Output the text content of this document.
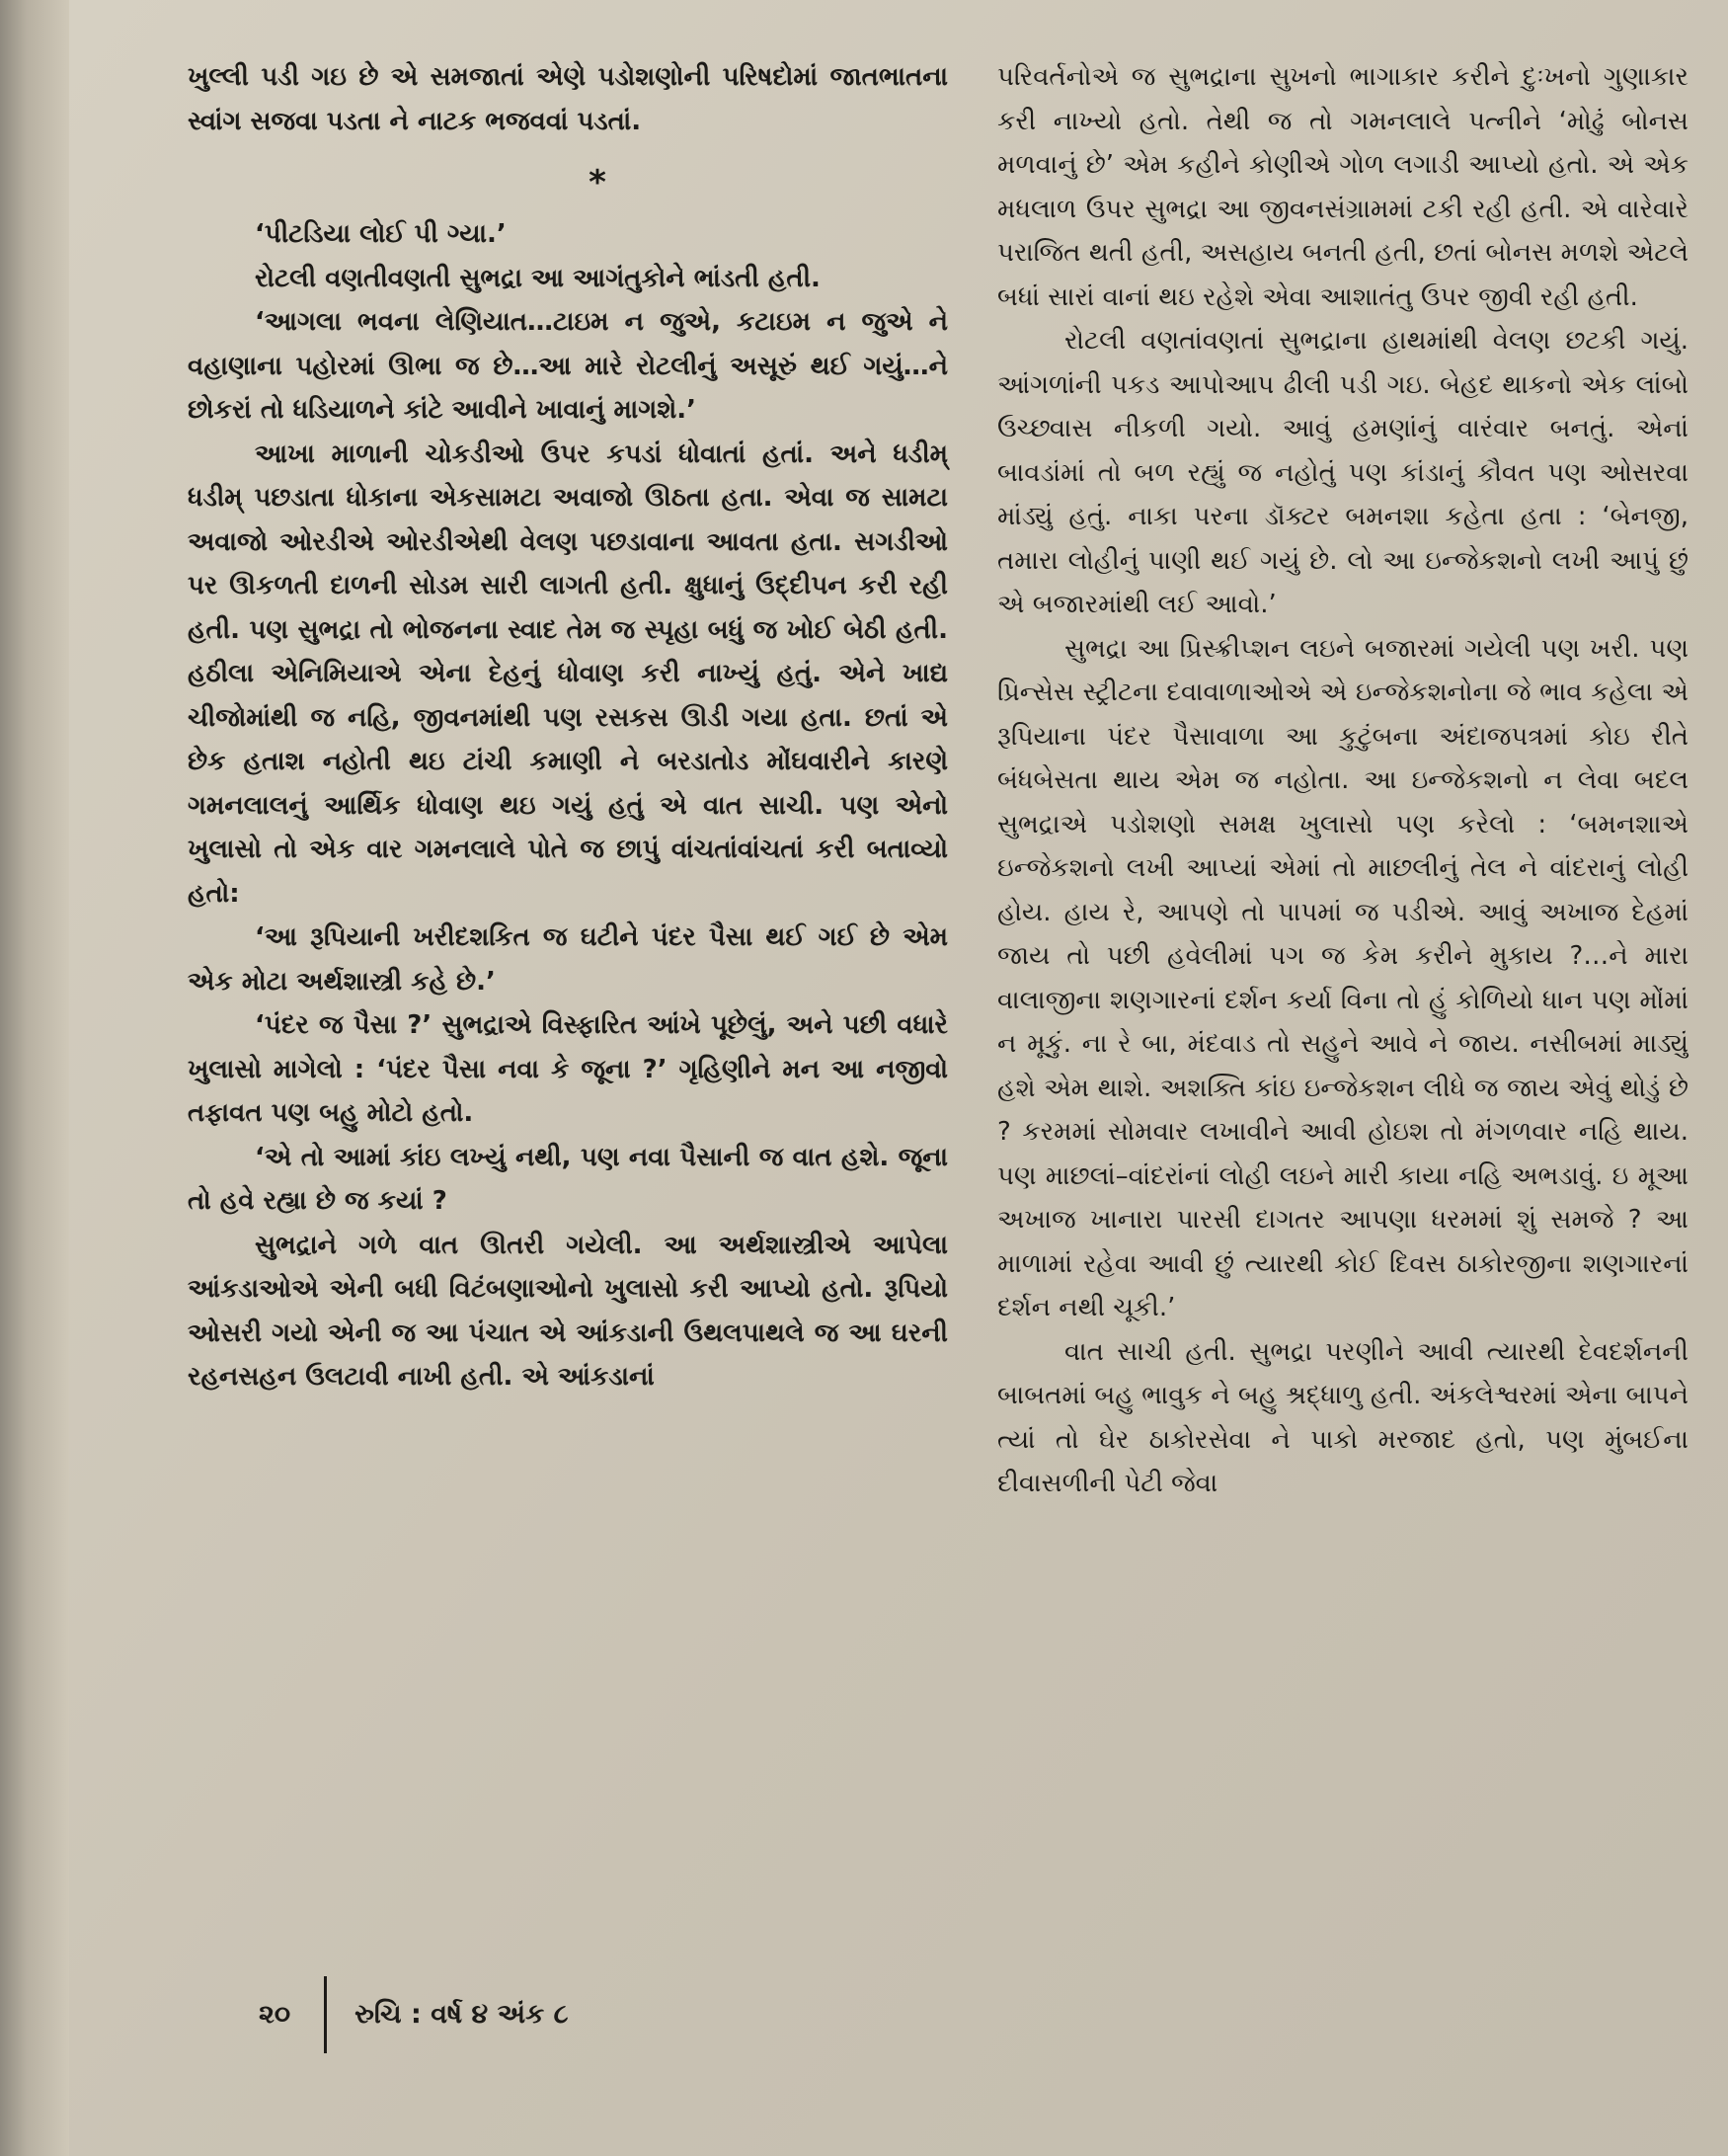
ખુલ્લી પડી ગઇ છે એ સમજાતાં એણે પડોશણોની પરિષદોમાં જાતભાતના સ્વાંગ સજવા પડતા ને નાટક ભજવવાં પડતાં.

*

‘પીટડિયા લોઈ પી ગ્યા.’

રોટલી વણતીવણતી સુભદ્રા આ આગંતુકોને ભાંડતી હતી.

‘આગલા ભવના લેણિયાત…ટાઇમ ન જુએ, કટાઇમ ન જુએ ને વહાણાના પહોરમાં ઊભા જ છે…આ મારે રોટલીનું અસૂરું થઈ ગયું…ને છોકરાં તો ધડિયાળને કાંટે આવીને ખાવાનું માગશે.’

આખા માળાની ચોકડીઓ ઉપર કપડાં ધોવાતાં હતાં. અને ધડીમ્ ધડીમ્ પછડાતા ધોકાના એકસામટા અવાજો ઊઠતા હતા. એવા જ સામટા અવાજો ઓરડીએ ઓરડીએથી વેલણ પછડાવાના આવતા હતા. સગડીઓ પર ઊકળતી દાળની સોડમ સારી લાગતી હતી. ક્ષુધાનું ઉદ્દીપન કરી રહી હતી. પણ સુભદ્રા તો ભોજનના સ્વાદ તેમ જ સ્પૃહા બધું જ ખોઈ બેઠી હતી. હઠીલા એનિમિયાએ એના દેહનું ધોવાણ કરી નાખ્યું હતું. એને ખાદ્ય ચીજોમાંથી જ નહિ, જીવનમાંથી પણ રસકસ ઊડી ગયા હતા. છતાં એ છેક હતાશ નહોતી થઇ ટાંચી કમાણી ને બરડાતોડ મોંઘવારીને કારણે ગમનલાલનું આર્થિક ધોવાણ થઇ ગયું હતું એ વાત સાચી. પણ એનો ખુલાસો તો એક વાર ગમનલાલે પોતે જ છાપું વાંચતાંવાંચતાં કરી બતાવ્યો હતો:

‘આ રૂપિયાની ખરીદશકિત જ ઘટીને પંદર પૈસા થઈ ગઈ છે એમ એક મોટા અર્થશાસ્ત્રી કહે છે.’

‘પંદર જ પૈસા ?’ સુભદ્રાએ વિસ્ફારિત આંખે પૂછેલું, અને પછી વધારે ખુલાસો માગેલો : ‘પંદર પૈસા નવા કે જૂના ?’ ગૃહિણીને મન આ નજીવો તફાવત પણ બહુ મોટો હતો.

‘એ તો આમાં કાંઇ લખ્યું નથી, પણ નવા પૈસાની જ વાત હશે. જૂના તો હવે રહ્યા છે જ કયાં ?

સુભદ્રાને ગળે વાત ઊતરી ગયેલી. આ અર્થશાસ્ત્રીએ આપેલા આંકડાઓએ એની બધી વિટંબણાઓનો ખુલાસો કરી આપ્યો હતો. રૂપિયો ઓસરી ગયો એની જ આ પંચાત એ આંકડાની ઉથલપાથલે જ આ ઘરની રહનસહન ઉલટાવી નાખી હતી. એ આંકડાનાં

પરિવર્તનોએ જ સુભદ્રાના સુખનો ભાગાકાર કરીને દુઃખનો ગુણાકાર કરી નાખ્યો હતો. તેથી જ તો ગમનલાલે પત્નીને ‘મોઢું બોનસ મળવાનું છે’ એમ કહીને કોણીએ ગોળ લગાડી આપ્યો હતો. એ એક મધલાળ ઉપર સુભદ્રા આ જીવનસંગ્રામમાં ટકી રહી હતી. એ વારેવારે પરાજિત થતી હતી, અસહાય બનતી હતી, છતાં બોનસ મળશે એટલે બધાં સારાં વાનાં થઇ રહેશે એવા આશાતંતુ ઉપર જીવી રહી હતી.

રોટલી વણતાંવણતાં સુભદ્રાના હાથમાંથી વેલણ છટકી ગયું. આંગળાંની પકડ આપોઆપ ઢીલી પડી ગઇ. બેહદ થાકનો એક લાંબો ઉચ્છ્વાસ નીકળી ગયો. આવું હમણાંનું વારંવાર બનતું. એનાં બાવડાંમાં તો બળ રહ્યું જ નહોતું પણ કાંડાનું કૌવત પણ ઓસરવા માંડ્યું હતું. નાકા પરના ડૉક્ટર બમનશા કહેતા હતા : ‘બેનજી, તમારા લોહીનું પાણી થઈ ગયું છે. લો આ ઇન્જેકશનો લખી આપું છું એ બજારમાંથી લઈ આવો.’

સુભદ્રા આ પ્રિસ્ક્રીપ્શન લઇને બજારમાં ગયેલી પણ ખરી. પણ પ્રિન્સેસ સ્ટ્રીટના દવાવાળાઓએ એ ઇન્જેકશનોના જે ભાવ કહેલા એ રૂપિયાના પંદર પૈસાવાળા આ કુટુંબના અંદાજપત્રમાં કોઇ રીતે બંધબેસતા થાય એમ જ નહોતા. આ ઇન્જેકશનો ન લેવા બદલ સુભદ્રાએ પડોશણો સમક્ષ ખુલાસો પણ કરેલો : ‘બમનશાએ ઇન્જેકશનો લખી આપ્યાં એમાં તો માછલીનું તેલ ને વાંદરાનું લોહી હોય. હાય રે, આપણે તો પાપમાં જ પડીએ. આવું અખાજ દેહમાં જાય તો પછી હવેલીમાં પગ જ કેમ કરીને મુકાય ?…ને મારા વાલાજીના શણગારનાં દર્શન કર્યા વિના તો હું કોળિયો ધાન પણ મોંમાં ન મૂકું. ના રે બા, મંદવાડ તો સહુને આવે ને જાય. નસીબમાં માડ્યું હશે એમ થાશે. અશક્તિ કાંઇ ઇન્જેકશન લીધે જ જાય એવું થોડું છે ? કરમમાં સોમવાર લખાવીને આવી હોઇશ તો મંગળવાર નહિ થાય. પણ માછલાં–વાંદરાંનાં લોહી લઇને મારી કાયા નહિ અભડાવું. ઇ મૂઆ અખાજ ખાનારા પારસી દાગતર આપણા ધરમમાં શું સમજે ? આ માળામાં રહેવા આવી છું ત્યારથી કોઈ દિવસ ઠાકોરજીના શણગારનાં દર્શન નથી ચૂકી.’

વાત સાચી હતી. સુભદ્રા પરણીને આવી ત્યારથી દેવદર્શનની બાબતમાં બહુ ભાવુક ને બહુ શ્રદ્ધાળુ હતી. અંકલેશ્વરમાં એના બાપને ત્યાં તો ઘેર ઠાકોરસેવા ને પાકો મરજાદ હતો, પણ મુંબઈના દીવાસળીની પેટી જેવા

૨૦ રુચિ : વર્ષ ૪ અંક ૮
